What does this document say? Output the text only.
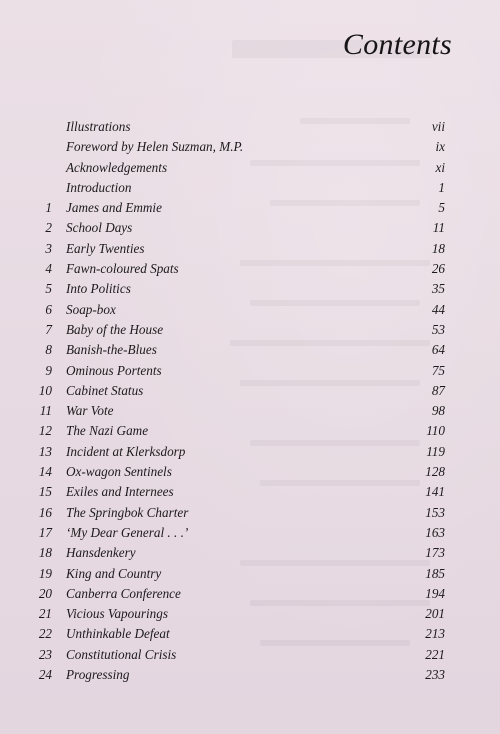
Contents
Illustrations	vii
Foreword by Helen Suzman, M.P.	ix
Acknowledgements	xi
Introduction	1
1 James and Emmie	5
2 School Days	11
3 Early Twenties	18
4 Fawn-coloured Spats	26
5 Into Politics	35
6 Soap-box	44
7 Baby of the House	53
8 Banish-the-Blues	64
9 Ominous Portents	75
10 Cabinet Status	87
11 War Vote	98
12 The Nazi Game	110
13 Incident at Klerksdorp	119
14 Ox-wagon Sentinels	128
15 Exiles and Internees	141
16 The Springbok Charter	153
17 ‘My Dear General . . .’	163
18 Hansdenkery	173
19 King and Country	185
20 Canberra Conference	194
21 Vicious Vapourings	201
22 Unthinkable Defeat	213
23 Constitutional Crisis	221
24 Progressing	233
